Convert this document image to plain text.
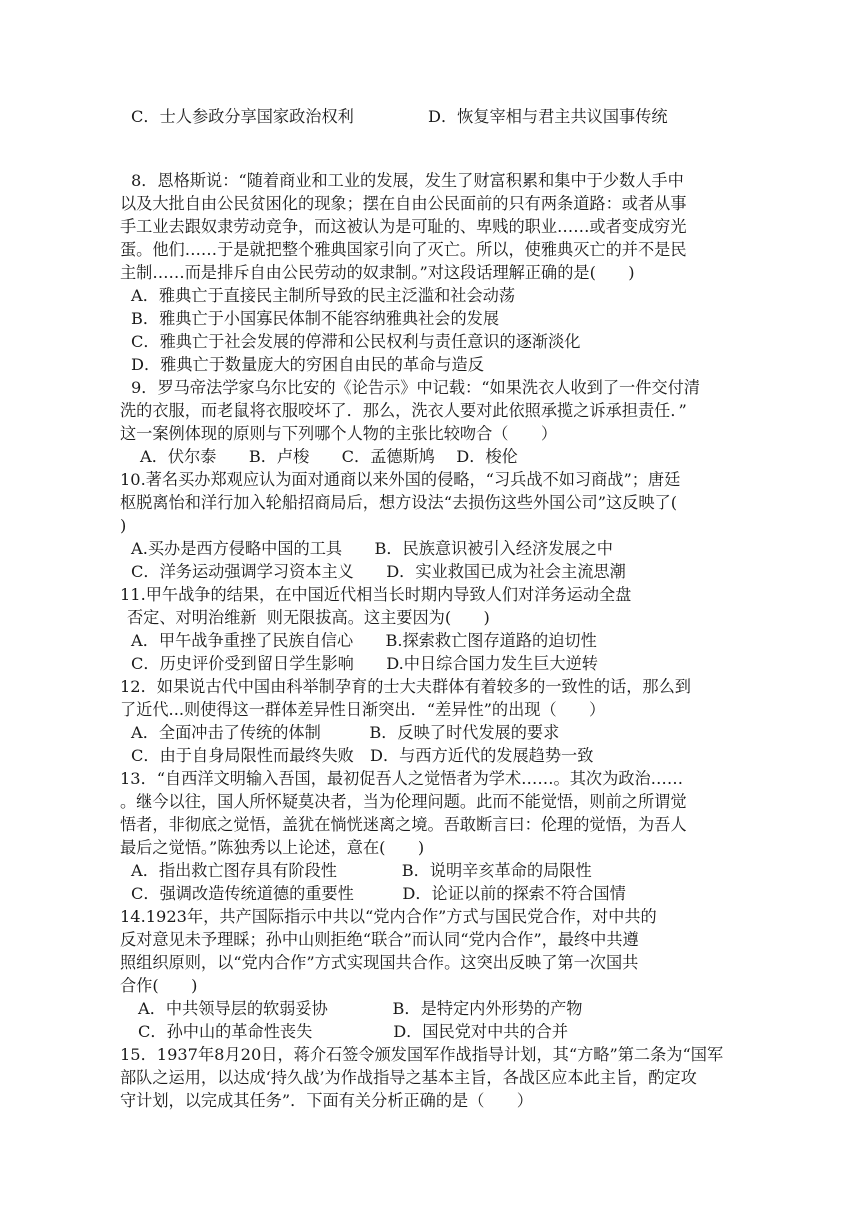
C．士人参政分享国家政治权利	D．恢复宰相与君主共议国事传统
8．恩格斯说：“随着商业和工业的发展，发生了财富积累和集中于少数人手中
以及大批自由公民贫困化的现象；摆在自由公民面前的只有两条道路：或者从事
手工业去跟奴隶劳动竞争，而这被认为是可耻的、卑贱的职业……或者变成穷光
蛋。他们……于是就把整个雅典国家引向了灭亡。所以，使雅典灭亡的并不是民
主制……而是排斥自由公民劳动的奴隶制。”对这段话理解正确的是(　　)
A．雅典亡于直接民主制所导致的民主泛滥和社会动荡
B．雅典亡于小国寡民体制不能容纳雅典社会的发展
C．雅典亡于社会发展的停滞和公民权利与责任意识的逐渐淡化
D．雅典亡于数量庞大的穷困自由民的革命与造反
9．罗马帝法学家乌尔比安的《论告示》中记载：“如果洗衣人收到了一件交付清
洗的衣服，而老鼠将衣服咬坏了．那么，洗衣人要对此依照承揽之诉承担责任．”
这一案例体现的原则与下列哪个人物的主张比较吻合（　　）
A．伏尔泰　　B．卢梭　　C．孟德斯鸠　 D．梭伦
10.著名买办郑观应认为面对通商以来外国的侵略，“习兵战不如习商战”；唐廷
枢脱离怡和洋行加入轮船招商局后，想方设法“去损伤这些外国公司”这反映了(
)
A.买办是西方侵略中国的工具　　B．民族意识被引入经济发展之中
C．洋务运动强调学习资本主义　　D．实业救国已成为社会主流思潮
11.甲午战争的结果，在中国近代相当长时期内导致人们对洋务运动全盘
否定、对明治维新  则无限拔高。这主要因为(　　)
A．甲午战争重挫了民族自信心　　B.探索救亡图存道路的迫切性
C．历史评价受到留日学生影响　　D.中日综合国力发生巨大逆转
12．如果说古代中国由科举制孕育的士大夫群体有着较多的一致性的话，那么到
了近代...则使得这一群体差异性日渐突出．“差异性”的出现（　　）
A．全面冲击了传统的体制　　　B．反映了时代发展的要求
C．由于自身局限性而最终失败　D．与西方近代的发展趋势一致
13．“自西洋文明输入吾国，最初促吾人之觉悟者为学术……。其次为政治……
。继今以往，国人所怀疑莫决者，当为伦理问题。此而不能觉悟，则前之所谓觉
悟者，非彻底之觉悟，盖犹在惝恍迷离之境。吾敢断言曰：伦理的觉悟，为吾人
最后之觉悟。”陈独秀以上论述，意在(　　)
A．指出救亡图存具有阶段性　　　　B．说明辛亥革命的局限性
C．强调改造传统道德的重要性　　　D．论证以前的探索不符合国情
14.1923年，共产国际指示中共以“党内合作”方式与国民党合作，对中共的
反对意见未予理睬；孙中山则拒绝“联合”而认同“党内合作”，最终中共遵
照组织原则，以“党内合作”方式实现国共合作。这突出反映了第一次国共
合作(　　)
A．中共领导层的软弱妥协　　　　B．是特定内外形势的产物
C．孙中山的革命性丧失　　　　　D．国民党对中共的合并
15．1937年8月20日，蒋介石签令颁发国军作战指导计划，其“方略”第二条为“国军
部队之运用，以达成‘持久战’为作战指导之基本主旨，各战区应本此主旨，酌定攻
守计划，以完成其任务”．下面有关分析正确的是（　　）
